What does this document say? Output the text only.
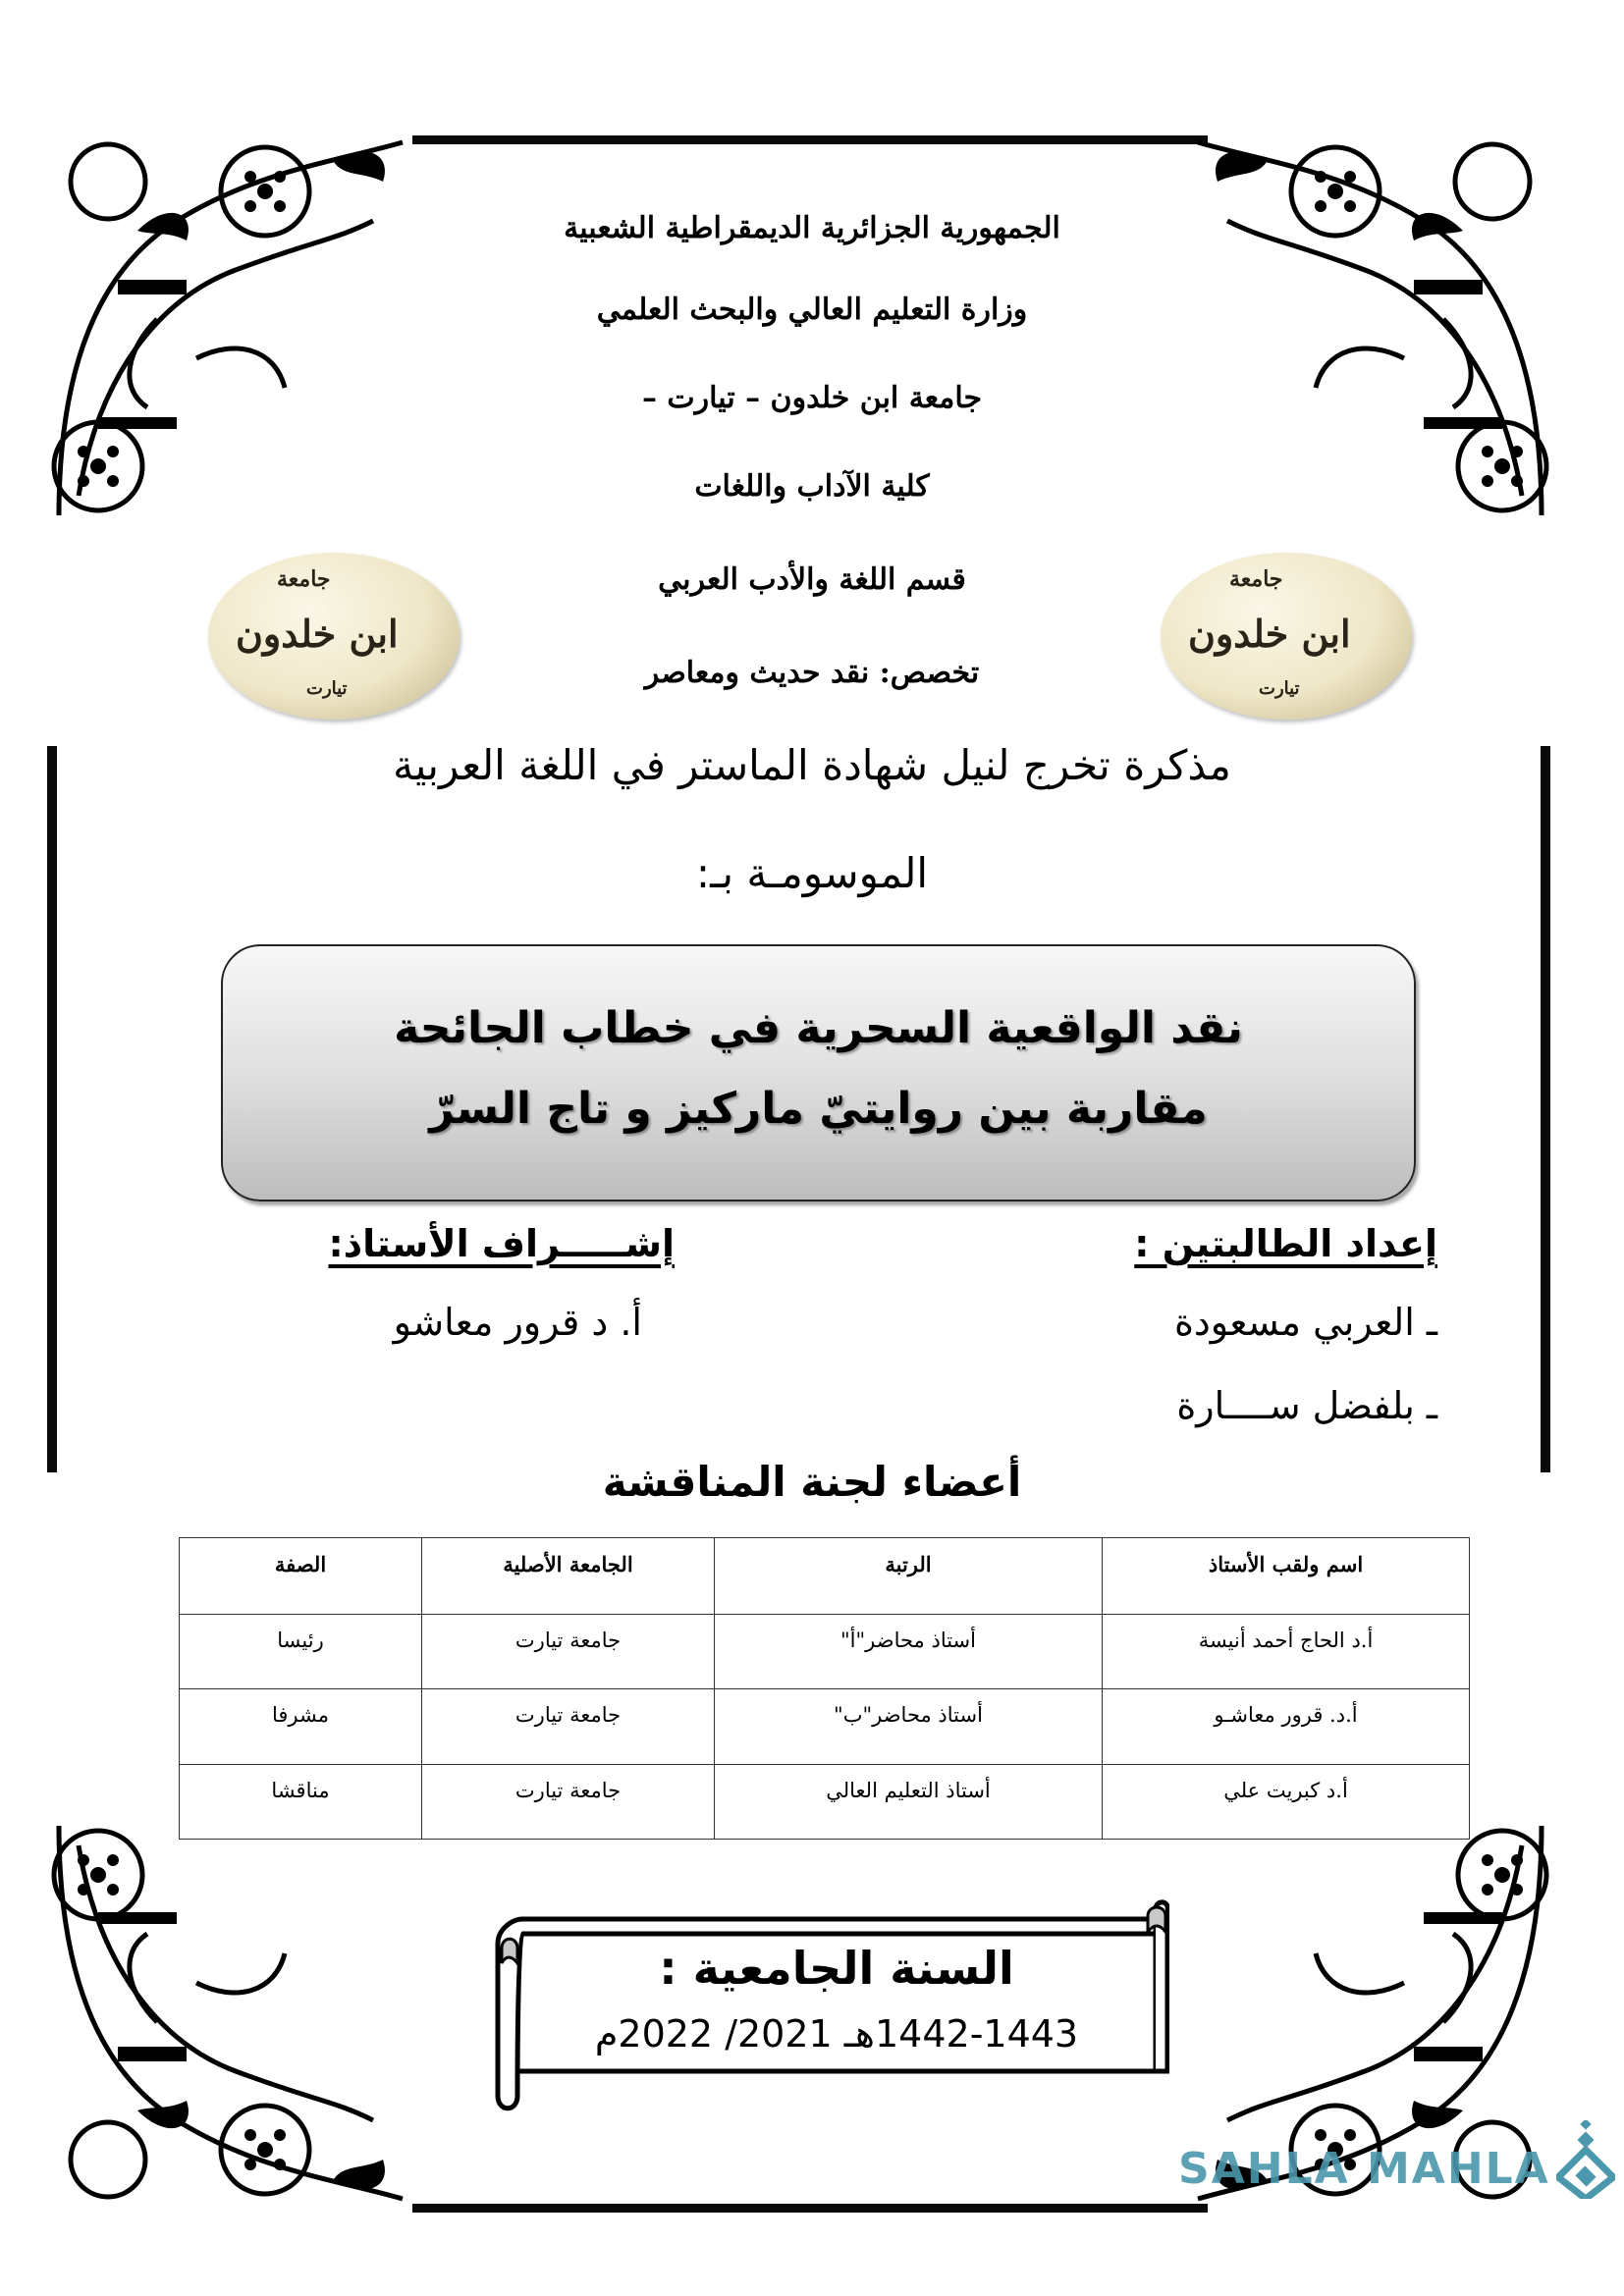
الجمهورية الجزائرية الديمقراطية الشعبية
وزارة التعليم العالي والبحث العلمي
جامعة ابن خلدون – تيارت –
كلية الآداب واللغات
قسم اللغة والأدب العربي
تخصص: نقد حديث ومعاصر
جامعة
ابن خلدون
تيارت
جامعة
ابن خلدون
تيارت
مذكرة تخرج لنيل شهادة الماستر في اللغة العربية
الموسومـة بـ:
نقد الواقعية السحرية في خطاب الجائحة
مقاربة بين روايتيّ ماركيز و تاج السرّ
إعداد الطالبتين :
ـ العربي مسعودة
ـ بلفضل ســــارة
إشـــــراف الأستاذ:
أ. د قرور معاشو
أعضاء لجنة المناقشة
اسم ولقب الأستاذ	الرتبة	الجامعة الأصلية	الصفة
أ.د الحاج أحمد أنيسة	أستاذ محاضر"أ"	جامعة تيارت	رئيسا
أ.د. قرور معاشـو	أستاذ محاضر"ب"	جامعة تيارت	مشرفا
أ.د كبريت علي	أستاذ التعليم العالي	جامعة تيارت	مناقشا
السنة الجامعية :
1442-1443هـ 2021/ 2022م
SAHLA MAHLA
